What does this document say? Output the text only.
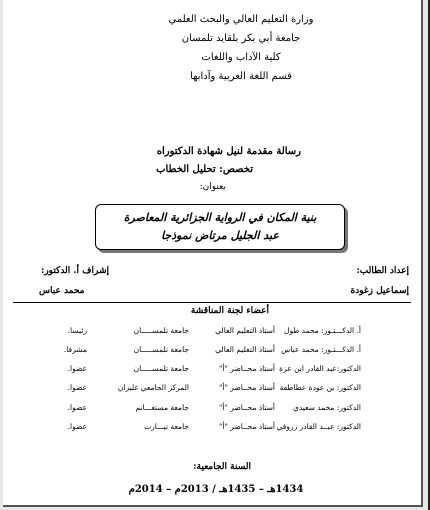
وزارة التعليم العالي والبحث العلمي
جامعة أبي بكر بلقايد تلمسان
كلية الآداب واللغات
قسم اللغة العربية وآدابها
رسالة مقدمة لنيل شهادة الدكتوراه
تخصص: تحليل الخطاب
بعنوان:
بنية المكان في الرواية الجزائرية المعاصرة
عبد الجليل مرتاض نموذجا
إعداد الطالب:
إشراف أ. الدكتور:
إسماعيل زغودة
محمد عباس
أعضاء لجنة المناقشة
أ. الدكـــتـور: محمد طول
أستاذ التعليم العالي
جامعة تلمســـــان
رئيسا.
أ. الدكـــتـور: محمد عباس
أستاذ التعليم العالي
جامعة تلمســـــان
مشرفا.
الدكتور:عبد القادر ابن عزة
أستاذ محــاضر "أ"
جامعة تلمســـــان
عضوا.
الدكتور: بن عودة عطاطفة
أستاذ محــاضر "أ"
المركز الجامعي غليزان
عضوا.
الدكتور: محمد سعيدي
أستاذ محــاضر "أ"
جامعة مستغـــانم
عضوا.
الدكتور: عبــد القادر زروقي
أستاذ محــاضر "أ"
جامعة تيـــارت
عضوا.
السنة الجامعية:
1434هـ – 1435هـ / 2013م – 2014م
